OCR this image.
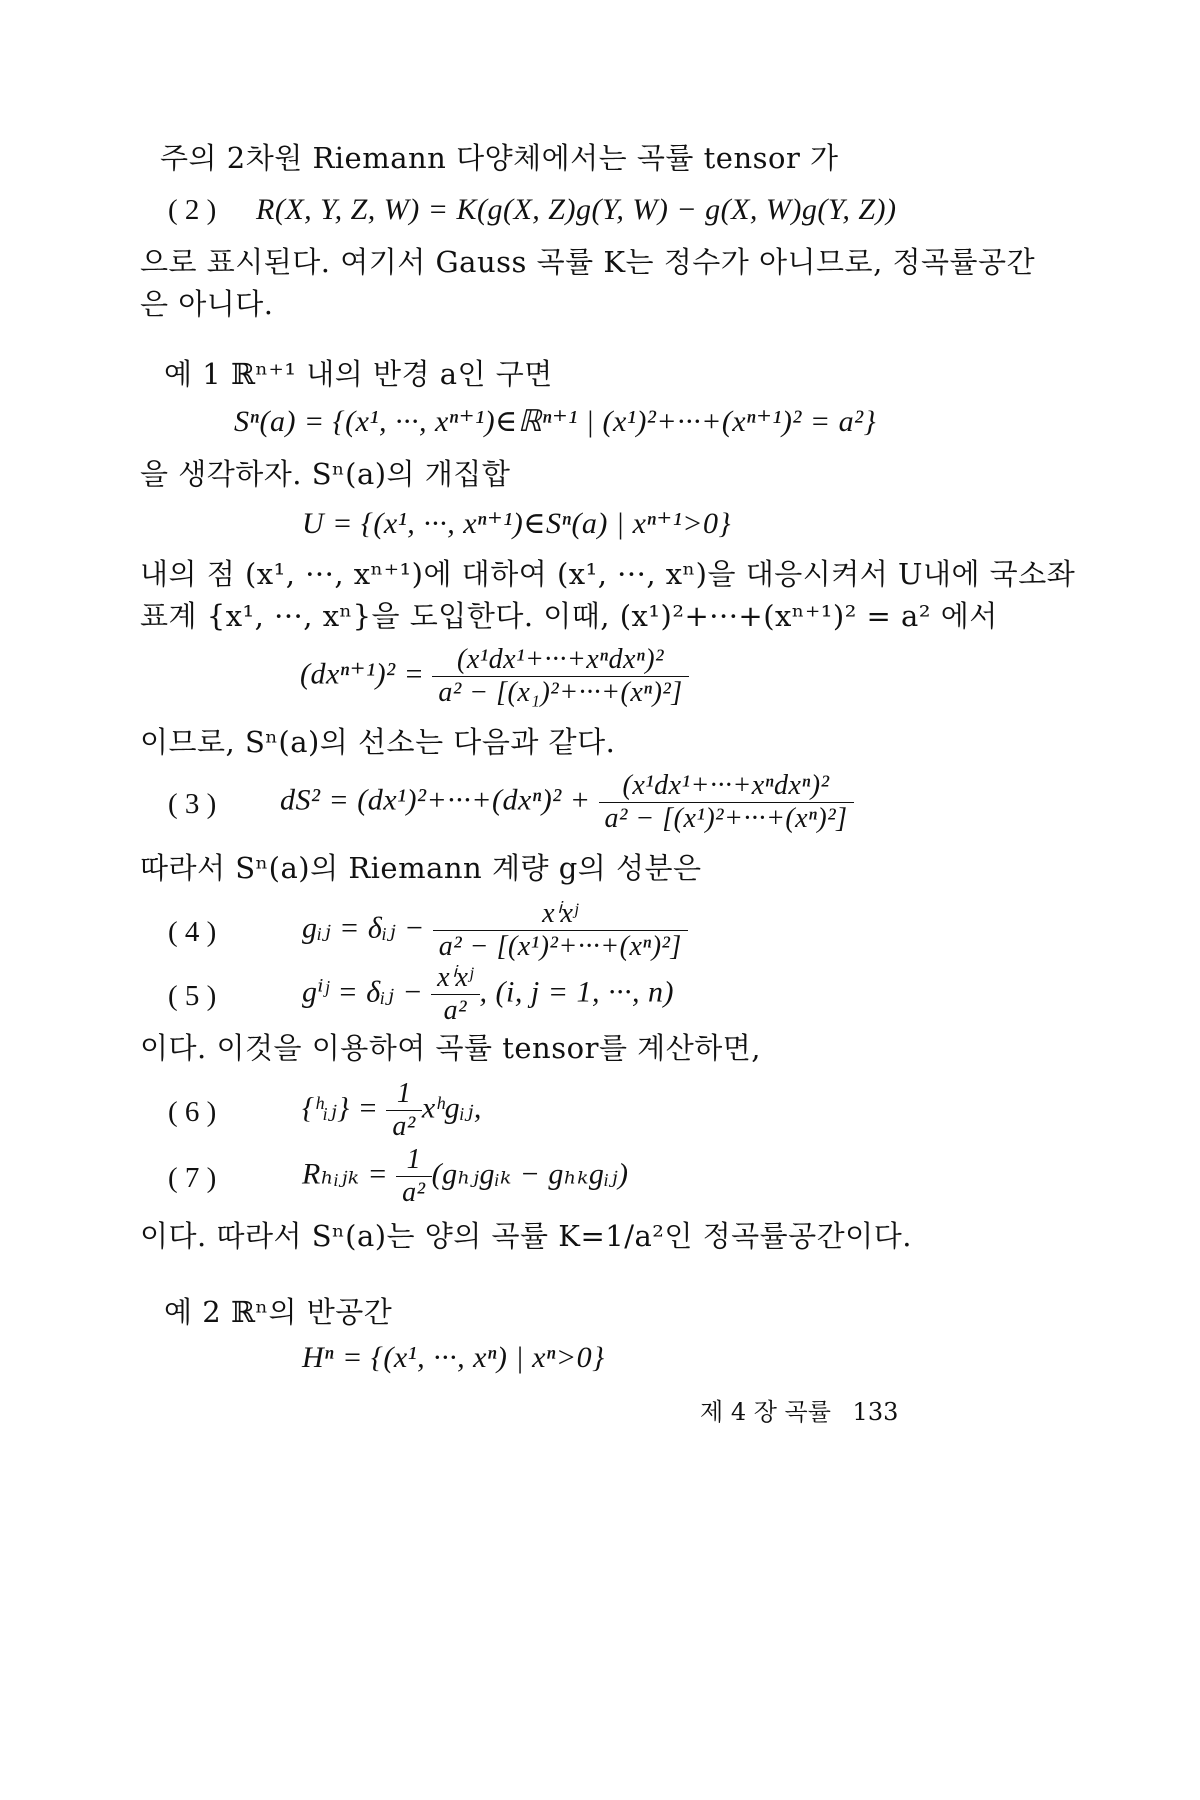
주의 2차원 Riemann 다양체에서는 곡률 tensor 가
( 2 ) R(X, Y, Z, W) = K(g(X, Z)g(Y, W) − g(X, W)g(Y, Z))
으로 표시된다. 여기서 Gauss 곡률 K는 정수가 아니므로, 정곡률공간
은 아니다.
예 1 ℝⁿ⁺¹ 내의 반경 a인 구면
Sⁿ(a) = {(x¹, ···, xⁿ⁺¹)∈ℝⁿ⁺¹ | (x¹)²+···+(xⁿ⁺¹)² = a²}
을 생각하자. Sⁿ(a)의 개집합
U = {(x¹, ···, xⁿ⁺¹)∈Sⁿ(a) | xⁿ⁺¹>0}
내의 점 (x¹, ···, xⁿ⁺¹)에 대하여 (x¹, ···, xⁿ)을 대응시켜서 U내에 국소좌
표계 {x¹, ···, xⁿ}을 도입한다. 이때, (x¹)²+···+(xⁿ⁺¹)² = a² 에서
$(dx^{n+1})^2 = \frac{\text{(x¹dx¹+···+xⁿdxⁿ)²}}{\text{a² − [(x₁)²+···+(xⁿ)²]}}$
이므로, Sⁿ(a)의 선소는 다음과 같다.
( 3 ) $dS^2 = (dx^1)^2+\cdot\cdot\cdot+(dx^n)^2 + \frac{\text{(x¹dx¹+···+xⁿdxⁿ)²}}{\text{a² − [(x¹)²+···+(xⁿ)²]}}$
따라서 Sⁿ(a)의 Riemann 계량 g의 성분은
( 4 )	gᵢⱼ = δᵢⱼ − $\frac{\text{xⁱxʲ}}{\text{a² − [(x¹)²+···+(xⁿ)²]}}$
( 5 )	gⁱʲ = δᵢⱼ − $\frac{\text{xⁱxʲ}}{\text{a²}}$ , (i, j = 1, ···, n)
이다. 이것을 이용하여 곡률 tensor를 계산하면,
( 6 )	{ʰᵢⱼ} = $\frac{1}{\text{a²}}$ xʰgᵢⱼ,
( 7 )	Rₕᵢⱼₖ = $\frac{1}{\text{a²}}$ (gₕⱼgᵢₖ − gₕₖgᵢⱼ)
이다. 따라서 Sⁿ(a)는 양의 곡률 K=1/a²인 정곡률공간이다.
예 2 ℝⁿ의 반공간
Hⁿ = {(x¹, ···, xⁿ) | xⁿ>0}
제 4 장 곡률 133
